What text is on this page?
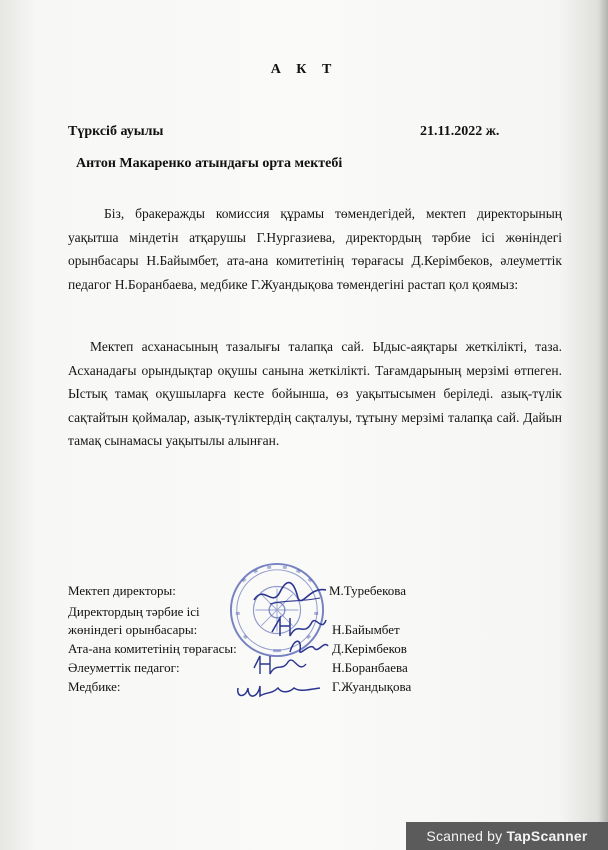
А К Т
Түрксіб ауылы	21.11.2022 ж.
Антон Макаренко атындағы орта мектебі

Біз, бракеражды комиссия құрамы төмендегідей, мектеп директорының уақытша міндетін атқарушы Г.Нургазиева, директордың тәрбие ісі жөніндегі орынбасары Н.Байымбет, ата-ана комитетінің төрағасы Д.Керімбеков, әлеуметтік педагог Н.Боранбаева, медбике Г.Жуандықова төмендегіні растап қол қоямыз:

Мектеп асханасының тазалығы талапқа сай. Ыдыс-аяқтары жеткілікті, таза. Асханадағы орындықтар оқушы санына жеткілікті. Тағамдарының мерзімі өтпеген. Ыстық тамақ оқушыларға кесте бойынша, өз уақытысымен беріледі. азық-түлік сақтайтын қоймалар, азық-түліктердің сақталуы, тұтыну мерзімі талапқа сай. Дайын тамақ сынамасы уақытылы алынған.

Мектеп директоры:	М.Туребекова
Директордың тәрбие ісі
жөніндегі орынбасары:	Н.Байымбет
Ата-ана комитетінің төрағасы:	Д.Керімбеков
Әлеуметтік педагог:	Н.Боранбаева
Медбике:	Г.Жуандықова
Scanned by TapScanner
